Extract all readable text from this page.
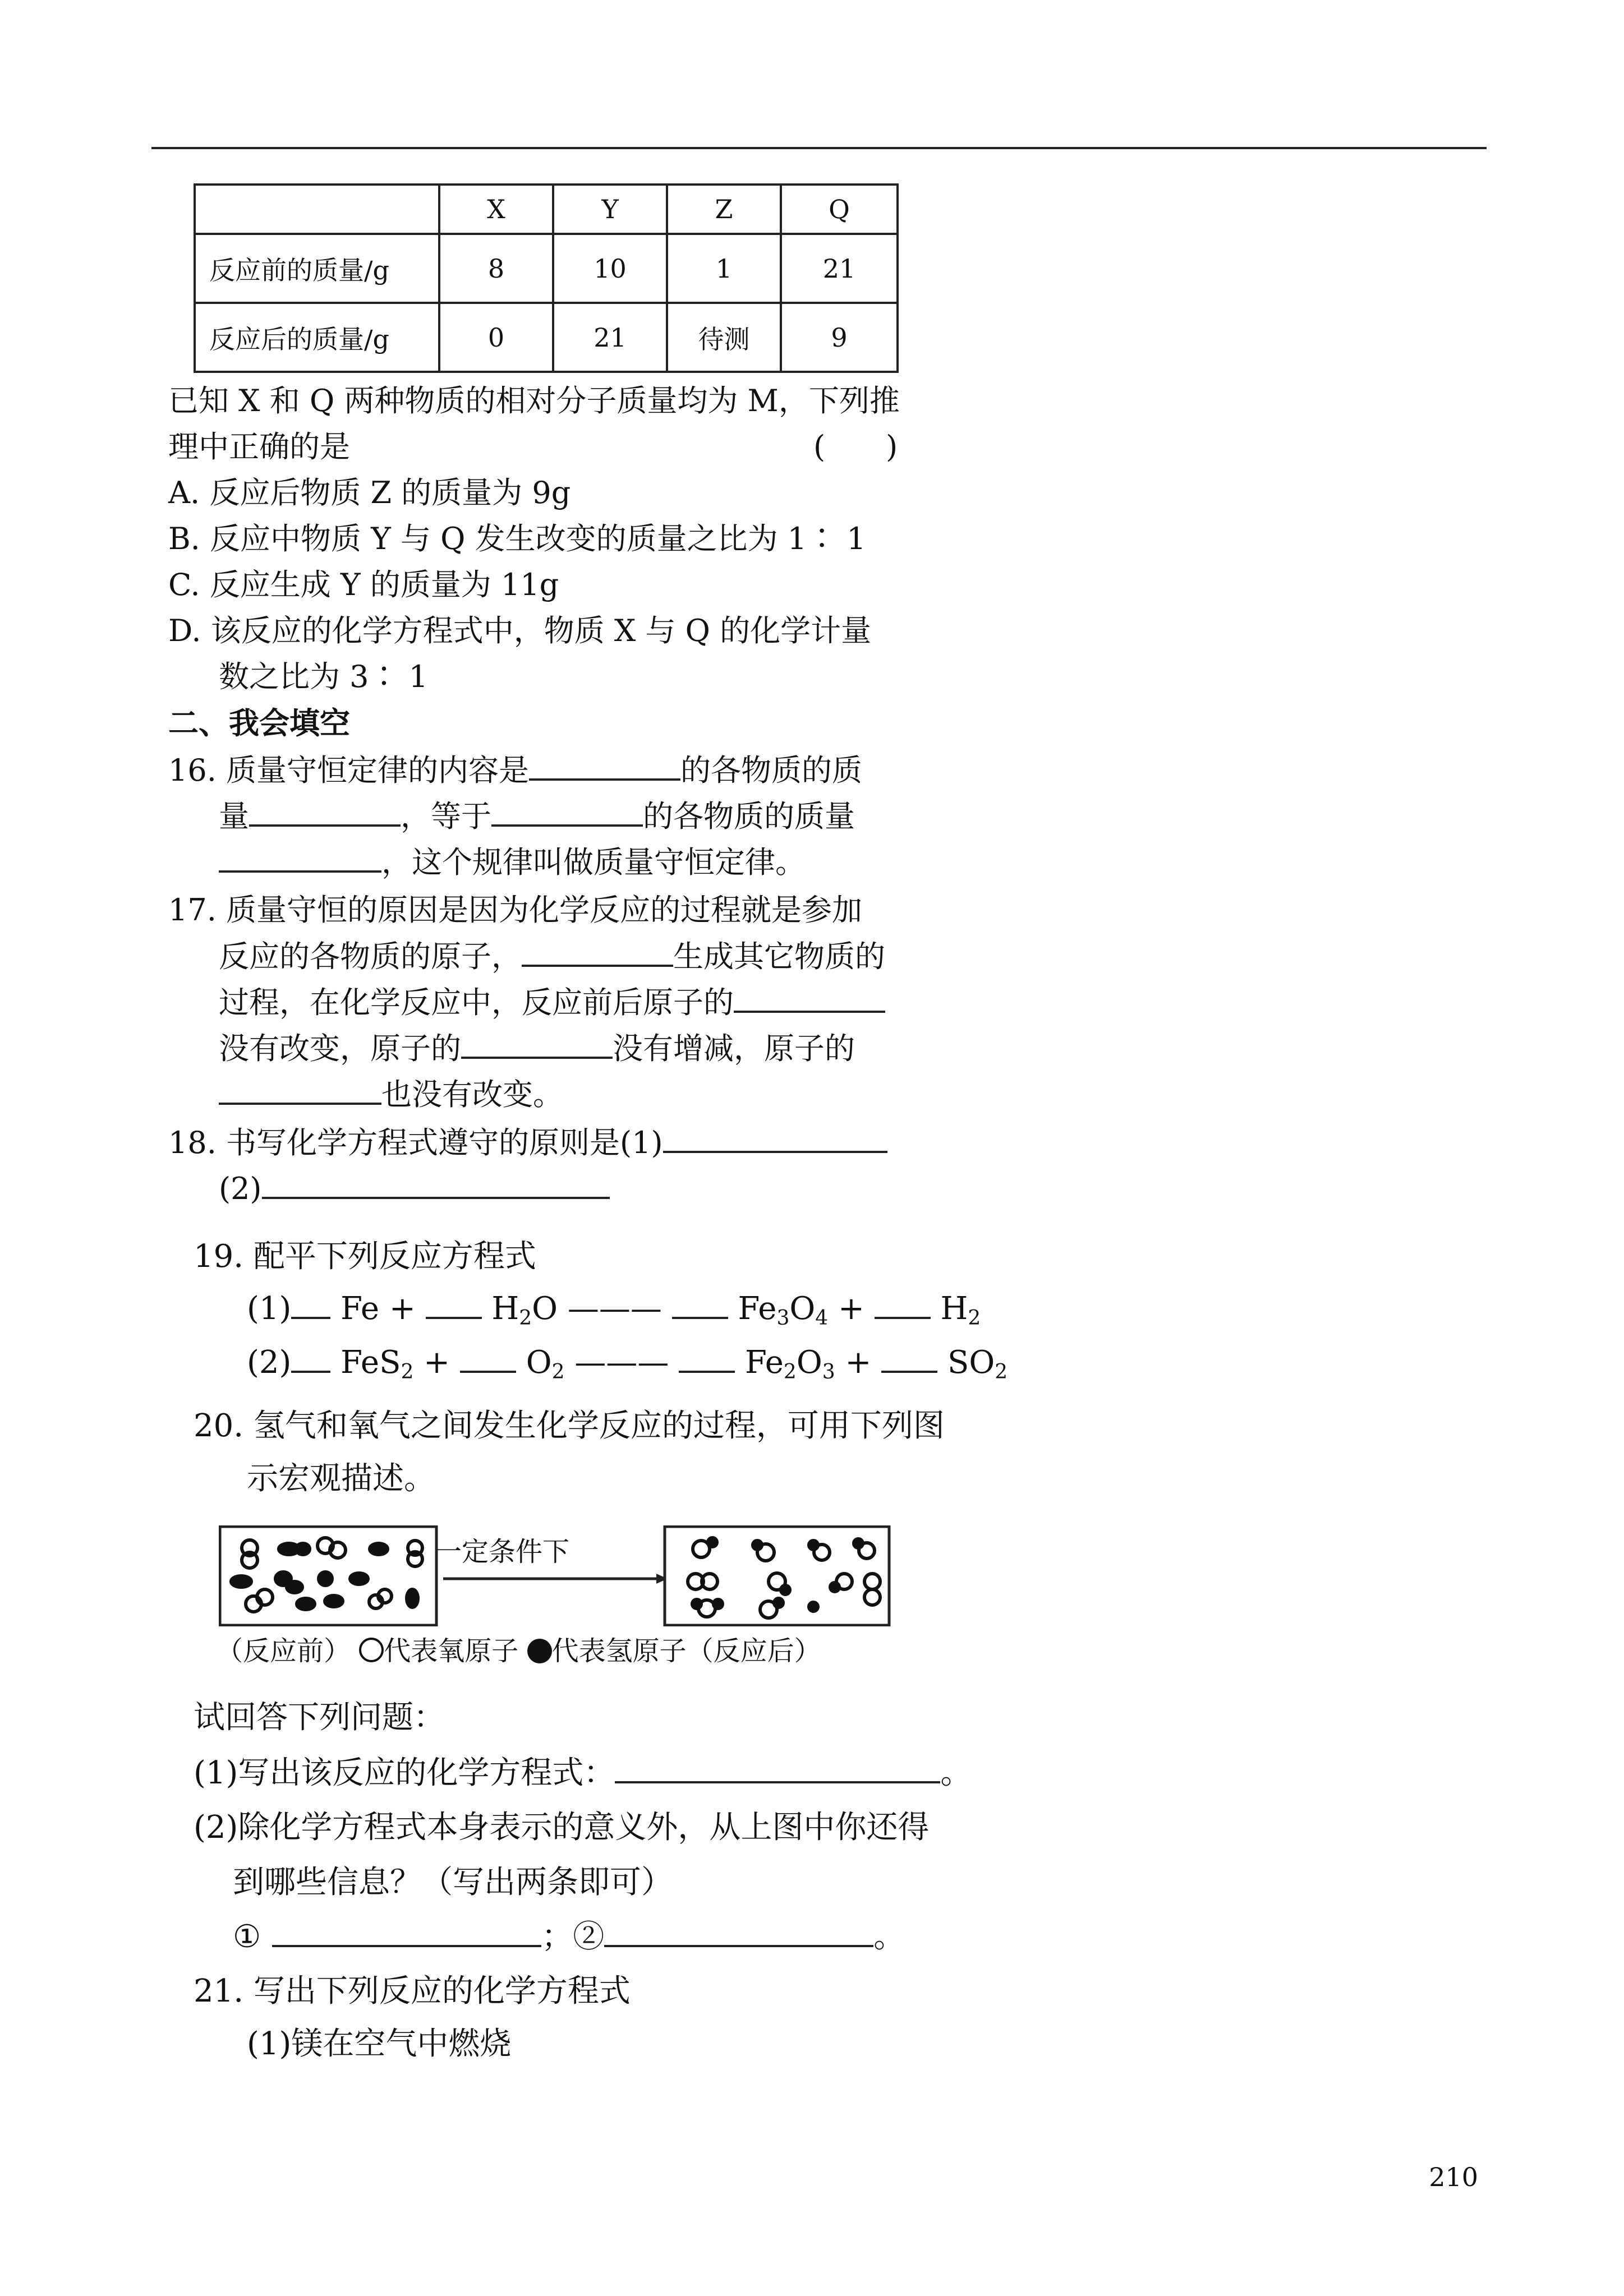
	X	Y	Z	Q
反应前的质量/g	8	10	1	21
反应后的质量/g	0	21	待测	9
已知 X 和 Q 两种物质的相对分子质量均为 M，下列推
理中正确的是	(　　)
A. 反应后物质 Z 的质量为 9g
B. 反应中物质 Y 与 Q 发生改变的质量之比为 1∶ 1
C. 反应生成 Y 的质量为 11g
D. 该反应的化学方程式中，物质 X 与 Q 的化学计量
数之比为 3∶ 1
二、我会填空
16. 质量守恒定律的内容是	的各物质的质
量	，等于	的各物质的质量
，这个规律叫做质量守恒定律。
17. 质量守恒的原因是因为化学反应的过程就是参加
反应的各物质的原子，	生成其它物质的
过程，在化学反应中，反应前后原子的
没有改变，原子的	没有增减，原子的
也没有改变。
18. 书写化学方程式遵守的原则是(1)
(2)
19. 配平下列反应方程式
(1) $Fe + H_2O$ ——— $Fe_3O_4 + H_2$
(2) $FeS_2 + O_2$ ——— $Fe_2O_3 + SO_2$
20. 氢气和氧气之间发生化学反应的过程，可用下列图
示宏观描述。
一定条件下
（反应前） 代表氧原子 代表氢原子（反应后）
试回答下列问题：
(1)写出该反应的化学方程式：	。
(2)除化学方程式本身表示的意义外，从上图中你还得
到哪些信息？（写出两条即可）
①	；②	。
21. 写出下列反应的化学方程式
(1)镁在空气中燃烧
210
